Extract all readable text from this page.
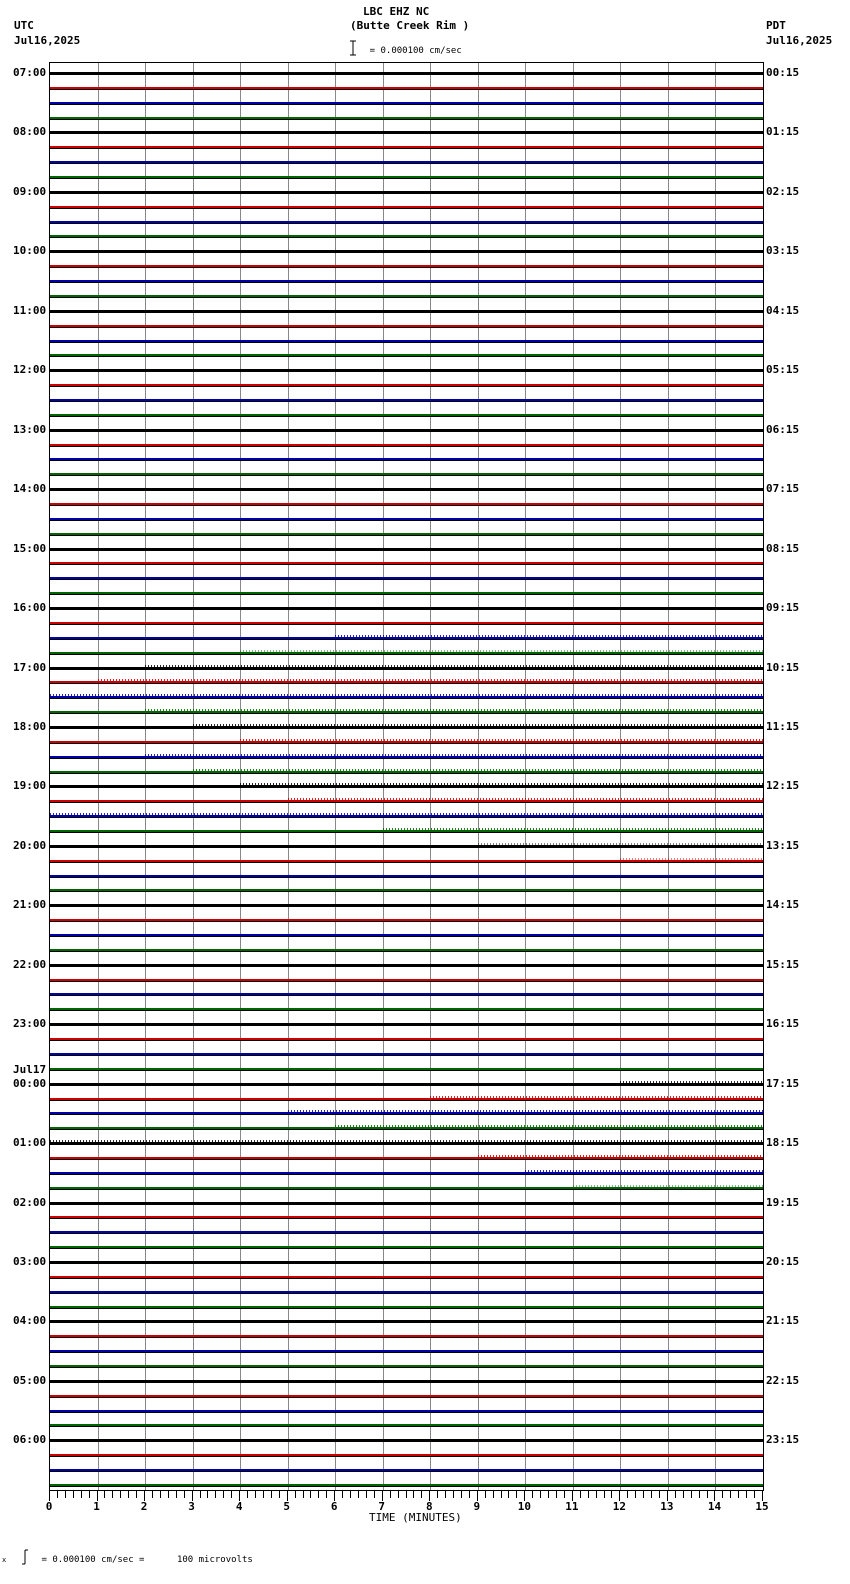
LBC EHZ NC
(Butte Creek Rim )
= 0.000100 cm/sec
UTC
Jul16,2025
PDT
Jul16,2025
07:00
08:00
09:00
10:00
11:00
12:00
13:00
14:00
15:00
16:00
17:00
18:00
19:00
20:00
21:00
22:00
23:00
00:00
Jul17
01:00
02:00
03:00
04:00
05:00
06:00
00:15
01:15
02:15
03:15
04:15
05:15
06:15
07:15
08:15
09:15
10:15
11:15
12:15
13:15
14:15
15:15
16:15
17:15
18:15
19:15
20:15
21:15
22:15
23:15
0	1	2	3	4	5	6	7	8	9	10	11	12	13	14	15
TIME (MINUTES)
x	= 0.000100 cm/sec =      100 microvolts
